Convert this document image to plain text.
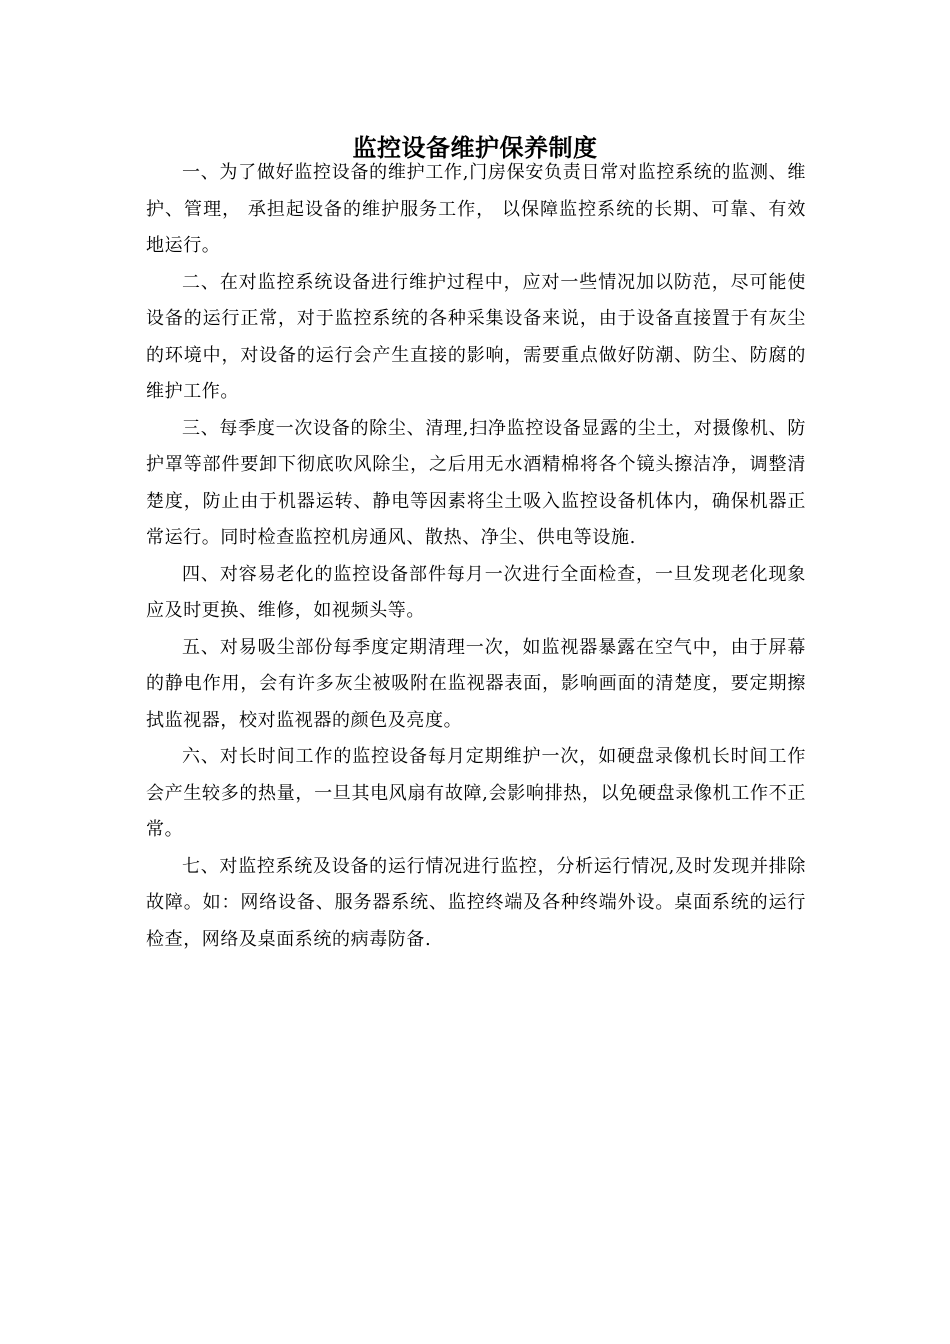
监控设备维护保养制度

一、为了做好监控设备的维护工作,门房保安负责日常对监控系统的监测、维护、管理， 承担起设备的维护服务工作， 以保障监控系统的长期、可靠、有效地运行。

二、在对监控系统设备进行维护过程中，应对一些情况加以防范，尽可能使设备的运行正常，对于监控系统的各种采集设备来说，由于设备直接置于有灰尘的环境中，对设备的运行会产生直接的影响，需要重点做好防潮、防尘、防腐的维护工作。

三、每季度一次设备的除尘、清理,扫净监控设备显露的尘土，对摄像机、防护罩等部件要卸下彻底吹风除尘，之后用无水酒精棉将各个镜头擦洁净，调整清楚度，防止由于机器运转、静电等因素将尘土吸入监控设备机体内，确保机器正常运行。同时检查监控机房通风、散热、净尘、供电等设施.

四、对容易老化的监控设备部件每月一次进行全面检查，一旦发现老化现象应及时更换、维修，如视频头等。

五、对易吸尘部份每季度定期清理一次，如监视器暴露在空气中，由于屏幕的静电作用，会有许多灰尘被吸附在监视器表面，影响画面的清楚度，要定期擦拭监视器，校对监视器的颜色及亮度。

六、对长时间工作的监控设备每月定期维护一次，如硬盘录像机长时间工作会产生较多的热量，一旦其电风扇有故障,会影响排热，以免硬盘录像机工作不正常。

七、对监控系统及设备的运行情况进行监控，分析运行情况,及时发现并排除故障。如：网络设备、服务器系统、监控终端及各种终端外设。桌面系统的运行检查，网络及桌面系统的病毒防备.
